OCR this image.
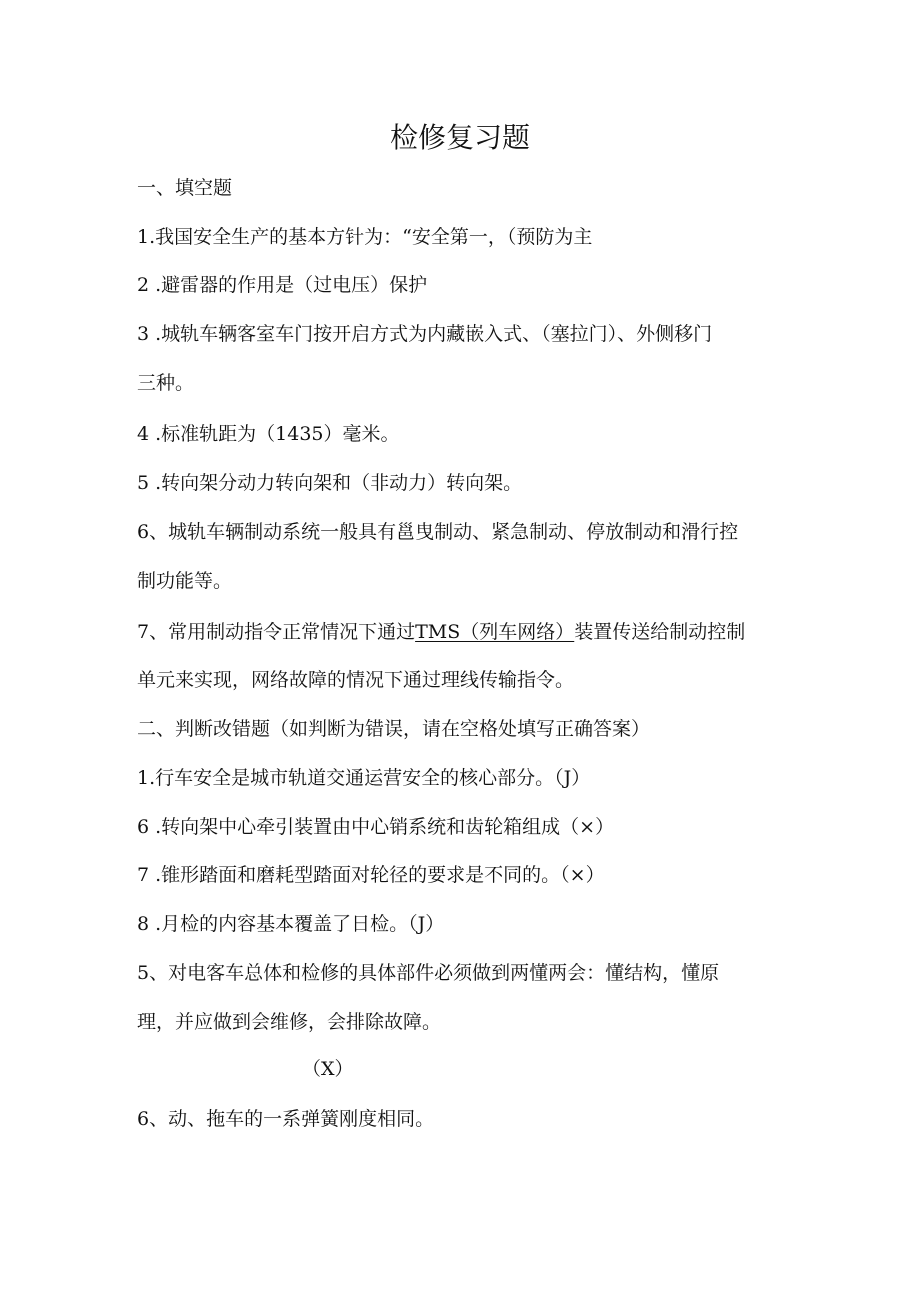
检修复习题
一、填空题
1.我国安全生产的基本方针为：“安全第一，（预防为主
2 .避雷器的作用是（过电压）保护
3 .城轨车辆客室车门按开启方式为内藏嵌入式、（塞拉门）、外侧移门
三种。
4 .标准轨距为（1435）毫米。
5 .转向架分动力转向架和（非动力）转向架。
6、城轨车辆制动系统一般具有邕曳制动、紧急制动、停放制动和滑行控
制功能等。
7、常用制动指令正常情况下通过TMS（列车网络）装置传送给制动控制
单元来实现，网络故障的情况下通过理线传输指令。
二、判断改错题（如判断为错误，请在空格处填写正确答案）
1.行车安全是城市轨道交通运营安全的核心部分。（J）
6 .转向架中心牵引装置由中心销系统和齿轮箱组成（×）
7 .锥形踏面和磨耗型踏面对轮径的要求是不同的。（×）
8 .月检的内容基本覆盖了日检。（J）
5、对电客车总体和检修的具体部件必须做到两懂两会：懂结构，懂原
理，并应做到会维修，会排除故障。
（X）
6、动、拖车的一系弹簧刚度相同。
